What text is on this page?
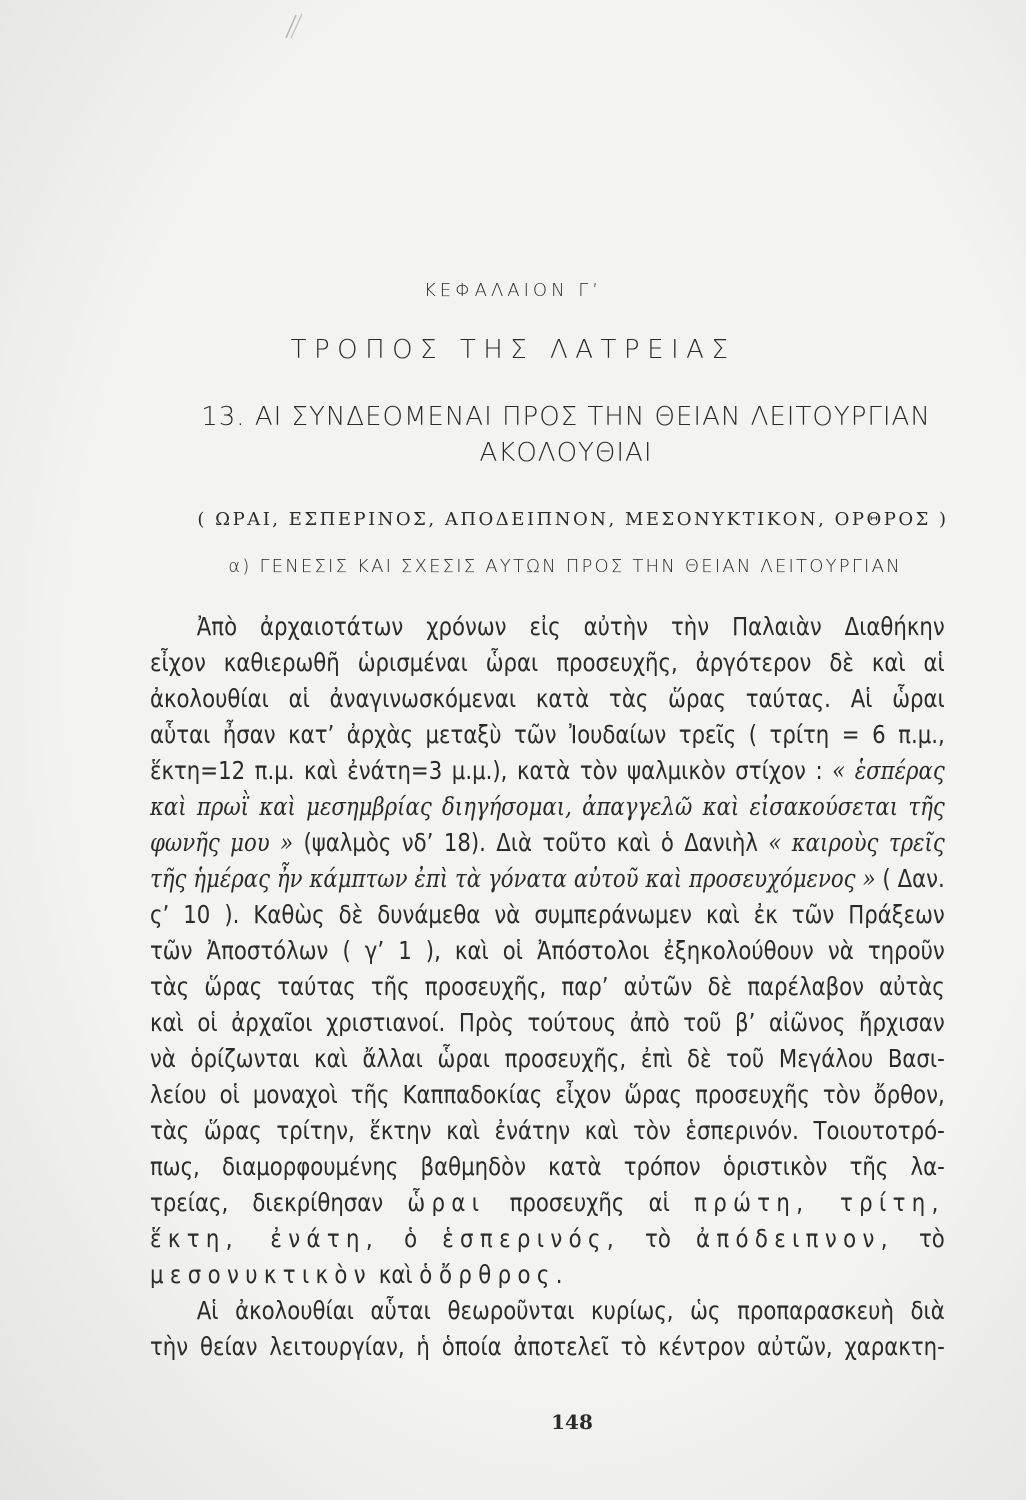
ΚΕΦΑΛΑΙΟΝ Γ’
ΤΡΟΠΟΣ ΤΗΣ ΛΑΤΡΕΙΑΣ
13. ΑΙ ΣΥΝΔΕΟΜΕΝΑΙ ΠΡΟΣ ΤΗΝ ΘΕΙΑΝ ΛΕΙΤΟΥΡΓΙΑΝ
ΑΚΟΛΟΥΘΙΑΙ
( ΩΡΑΙ, ΕΣΠΕΡΙΝΟΣ, ΑΠΟΔΕΙΠΝΟΝ, ΜΕΣΟΝΥΚΤΙΚΟΝ, ΟΡΘΡΟΣ )
α) ΓΕΝΕΣΙΣ ΚΑΙ ΣΧΕΣΙΣ ΑΥΤΩΝ ΠΡΟΣ ΤΗΝ ΘΕΙΑΝ ΛΕΙΤΟΥΡΓΙΑΝ
Ἀπὸ ἀρχαιοτάτων χρόνων εἰς αὐτὴν τὴν Παλαιὰν Διαθήκην
εἶχον καθιερωθῆ ὡρισμέναι ὧραι προσευχῆς, ἀργότερον δὲ καὶ αἱ
ἀκολουθίαι αἱ ἀναγινωσκόμεναι κατὰ τὰς ὥρας ταύτας. Αἱ ὧραι
αὗται ἦσαν κατ’ ἀρχὰς μεταξὺ τῶν Ἰουδαίων τρεῖς ( τρίτη = 6 π.μ.,
ἕκτη=12 π.μ. καὶ ἐνάτη=3 μ.μ.), κατὰ τὸν ψαλμικὸν στίχον : « ἑσπέρας
καὶ πρωῒ καὶ μεσημβρίας διηγήσομαι, ἀπαγγελῶ καὶ εἰσακούσεται τῆς
φωνῆς μου » (ψαλμὸς νδ’ 18). Διὰ τοῦτο καὶ ὁ Δανιὴλ « καιροὺς τρεῖς
τῆς ἡμέρας ἦν κάμπτων ἐπὶ τὰ γόνατα αὐτοῦ καὶ προσευχόμενος » ( Δαν.
ς’ 10 ). Καθὼς δὲ δυνάμεθα νὰ συμπεράνωμεν καὶ ἐκ τῶν Πράξεων
τῶν Ἀποστόλων ( γ’ 1 ), καὶ οἱ Ἀπόστολοι ἐξηκολούθουν νὰ τηροῦν
τὰς ὥρας ταύτας τῆς προσευχῆς, παρ’ αὐτῶν δὲ παρέλαβον αὐτὰς
καὶ οἱ ἀρχαῖοι χριστιανοί. Πρὸς τούτους ἀπὸ τοῦ β’ αἰῶνος ἤρχισαν
νὰ ὁρίζωνται καὶ ἄλλαι ὧραι προσευχῆς, ἐπὶ δὲ τοῦ Μεγάλου Βασι-
λείου οἱ μοναχοὶ τῆς Καππαδοκίας εἶχον ὥρας προσευχῆς τὸν ὄρθον,
τὰς ὥρας τρίτην, ἕκτην καὶ ἐνάτην καὶ τὸν ἑσπερινόν. Τοιουτοτρό-
πως, διαμορφουμένης βαθμηδὸν κατὰ τρόπον ὁριστικὸν τῆς λα-
τρείας, διεκρίθησαν ὧραι προσευχῆς αἱ πρώτη, τρίτη,
ἕκτη, ἐνάτη, ὁ ἑσπερινός, τὸ ἀπόδειπνον, τὸ
μεσονυκτικὸν καὶ ὁ ὄρθρος.
Αἱ ἀκολουθίαι αὗται θεωροῦνται κυρίως, ὡς προπαρασκευὴ διὰ
τὴν θείαν λειτουργίαν, ἡ ὁποία ἀποτελεῖ τὸ κέντρον αὐτῶν, χαρακτη-
148
